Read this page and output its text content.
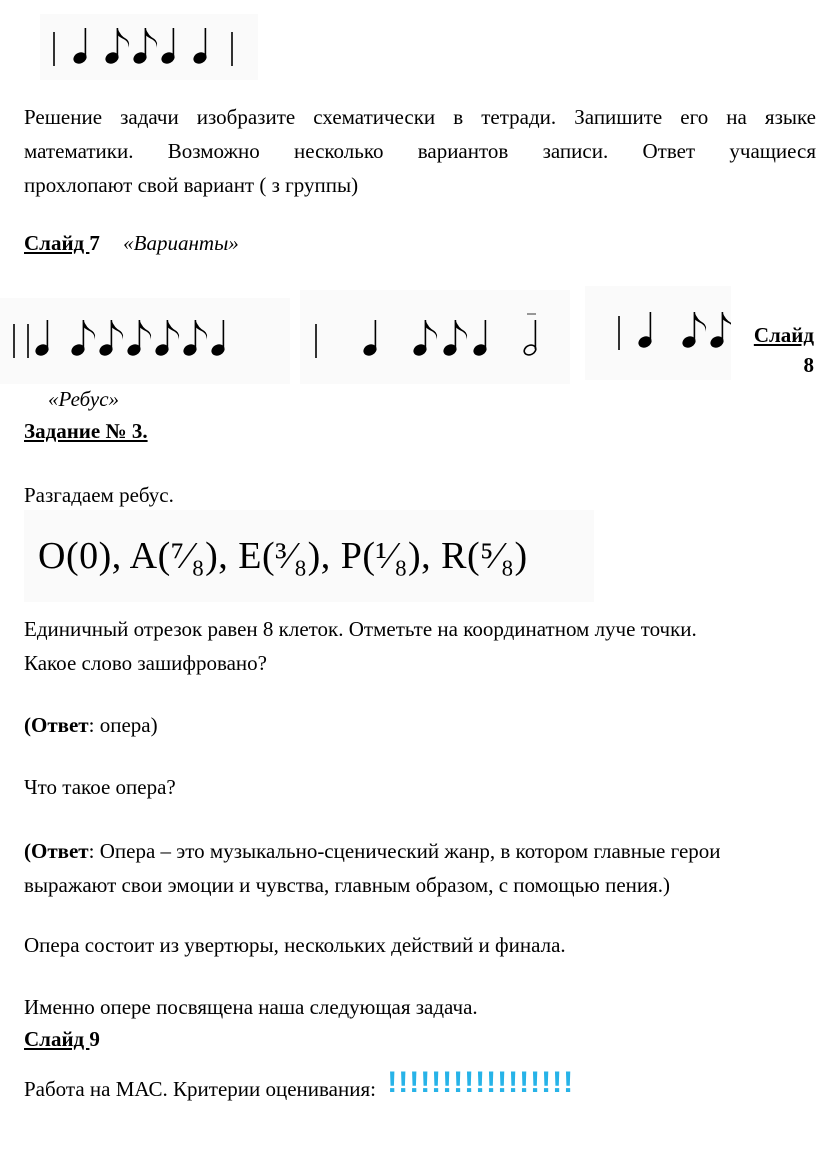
Решение задачи изобразите схематически в тетради. Запишите его на языке
математики. Возможно несколько вариантов записи. Ответ учащиеся
прохлопают свой вариант ( з группы)
Слайд 7 «Варианты»
Слайд
8
«Ребус»
Задание № 3.
Разгадаем ребус.
O(0), A(⁷⁄₈), E(³⁄₈), P(¹⁄₈), R(⁵⁄₈)
Единичный отрезок равен 8 клеток. Отметьте на координатном луче точки.
Какое слово зашифровано?
(Ответ: опера)
Что такое опера?
(Ответ: Опера – это музыкально-сценический жанр, в котором главные герои
выражают свои эмоции и чувства, главным образом, с помощью пения.)
Опера состоит из увертюры, нескольких действий и финала.
Именно опере посвящена наша следующая задача.
Слайд 9
Работа на МАС. Критерии оценивания: !!!!!!!!!!!!!!!!!
